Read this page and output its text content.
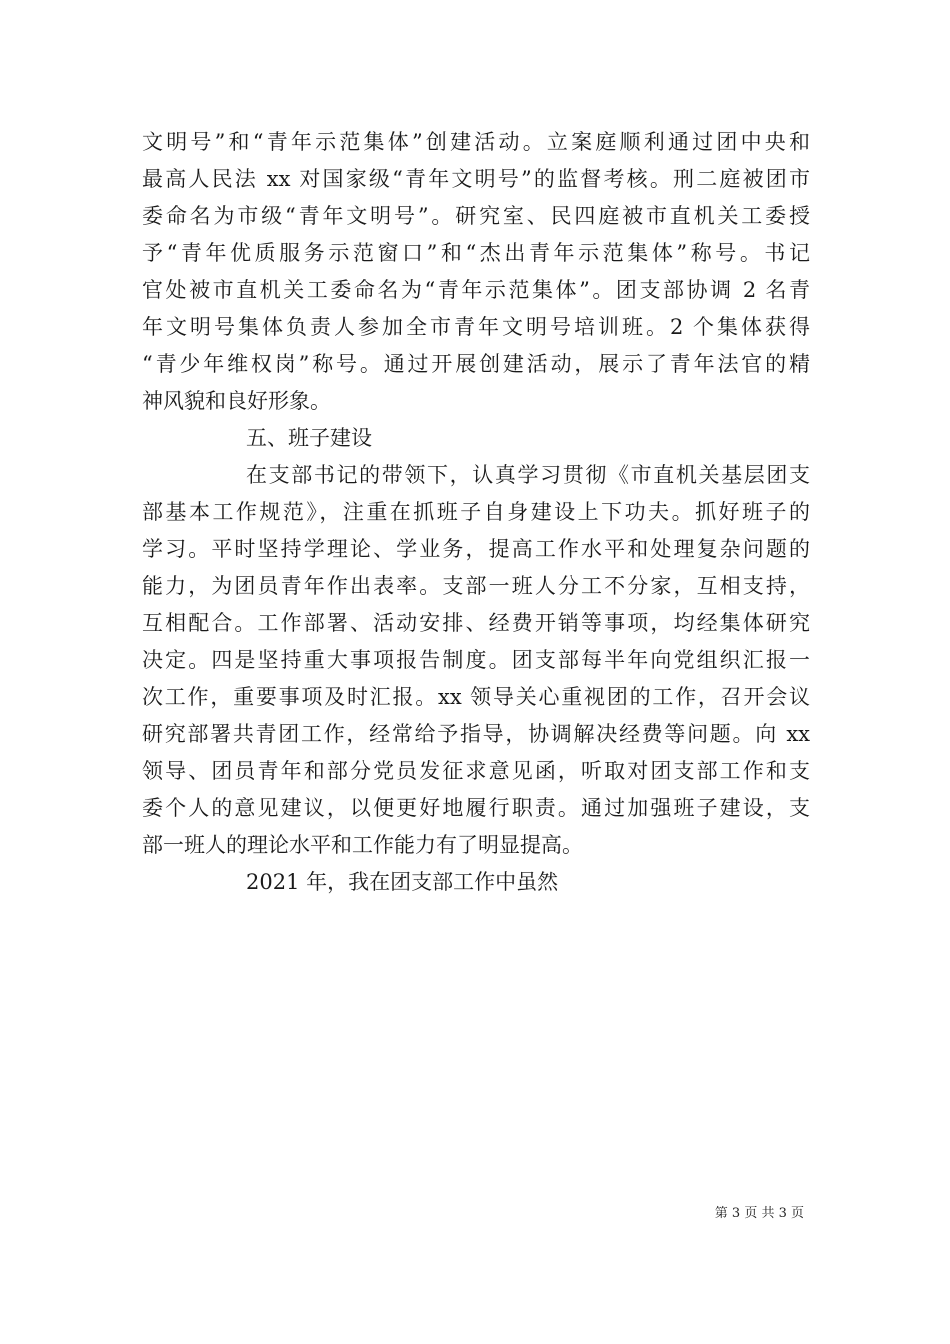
文明号”和“青年示范集体”创建活动。立案庭顺利通过团中央和
最高人民法 xx 对国家级“青年文明号”的监督考核。刑二庭被团市
委命名为市级“青年文明号”。研究室、民四庭被市直机关工委授
予“青年优质服务示范窗口”和“杰出青年示范集体”称号。书记
官处被市直机关工委命名为“青年示范集体”。团支部协调 2 名青
年文明号集体负责人参加全市青年文明号培训班。2 个集体获得
“青少年维权岗”称号。通过开展创建活动，展示了青年法官的精
神风貌和良好形象。
五、班子建设
在支部书记的带领下，认真学习贯彻《市直机关基层团支
部基本工作规范》，注重在抓班子自身建设上下功夫。抓好班子的
学习。平时坚持学理论、学业务，提高工作水平和处理复杂问题的
能力，为团员青年作出表率。支部一班人分工不分家，互相支持，
互相配合。工作部署、活动安排、经费开销等事项，均经集体研究
决定。四是坚持重大事项报告制度。团支部每半年向党组织汇报一
次工作，重要事项及时汇报。xx 领导关心重视团的工作，召开会议
研究部署共青团工作，经常给予指导，协调解决经费等问题。向 xx
领导、团员青年和部分党员发征求意见函，听取对团支部工作和支
委个人的意见建议，以便更好地履行职责。通过加强班子建设，支
部一班人的理论水平和工作能力有了明显提高。
2021 年，我在团支部工作中虽然
第 3 页 共 3 页
